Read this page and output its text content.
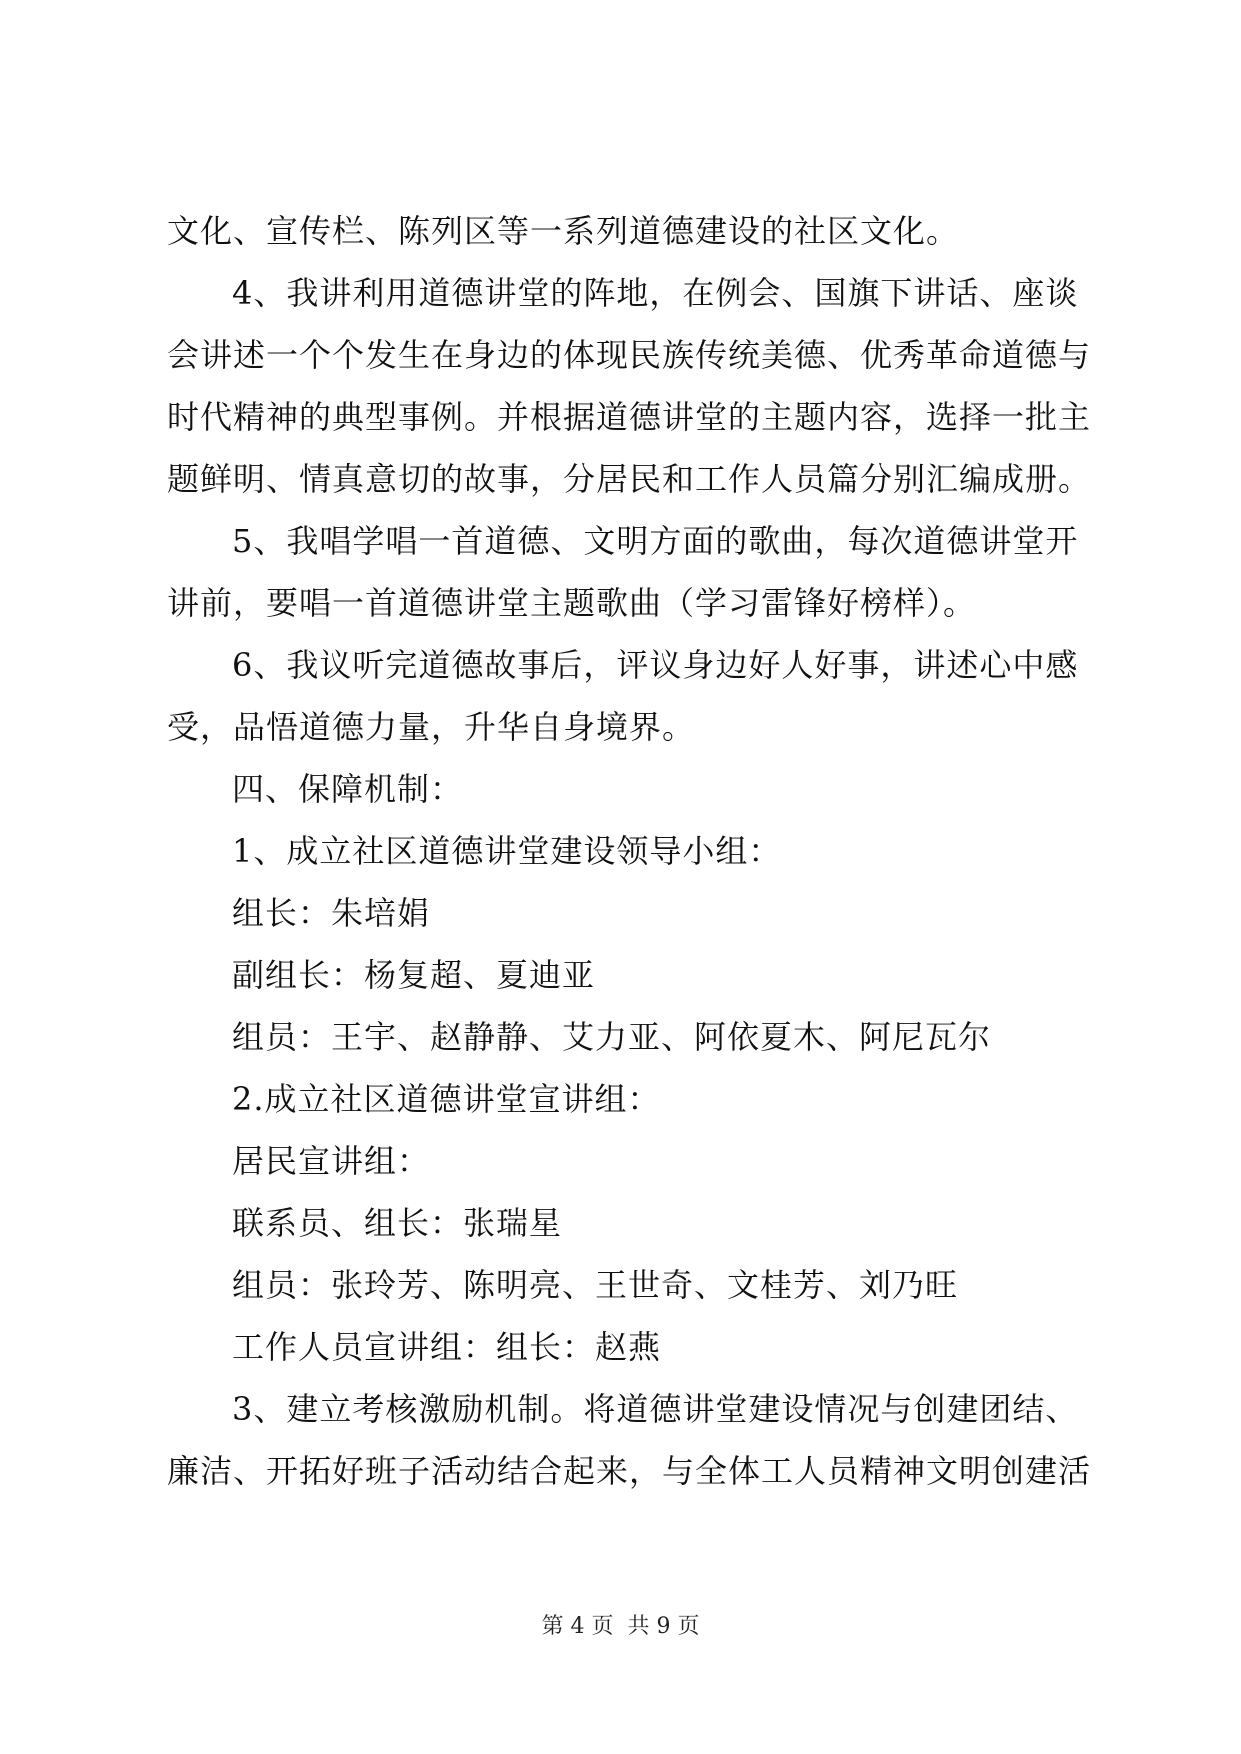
文化、宣传栏、陈列区等一系列道德建设的社区文化。
4、我讲利用道德讲堂的阵地，在例会、国旗下讲话、座谈
会讲述一个个发生在身边的体现民族传统美德、优秀革命道德与
时代精神的典型事例。并根据道德讲堂的主题内容，选择一批主
题鲜明、情真意切的故事，分居民和工作人员篇分别汇编成册。
5、我唱学唱一首道德、文明方面的歌曲，每次道德讲堂开
讲前，要唱一首道德讲堂主题歌曲（学习雷锋好榜样）。
6、我议听完道德故事后，评议身边好人好事，讲述心中感
受，品悟道德力量，升华自身境界。
四、保障机制：
1、成立社区道德讲堂建设领导小组：
组长：朱培娟
副组长：杨复超、夏迪亚
组员：王宇、赵静静、艾力亚、阿依夏木、阿尼瓦尔
2.成立社区道德讲堂宣讲组：
居民宣讲组：
联系员、组长：张瑞星
组员：张玲芳、陈明亮、王世奇、文桂芳、刘乃旺
工作人员宣讲组：组长：赵燕
3、建立考核激励机制。将道德讲堂建设情况与创建团结、
廉洁、开拓好班子活动结合起来，与全体工人员精神文明创建活
第 4 页  共 9 页
